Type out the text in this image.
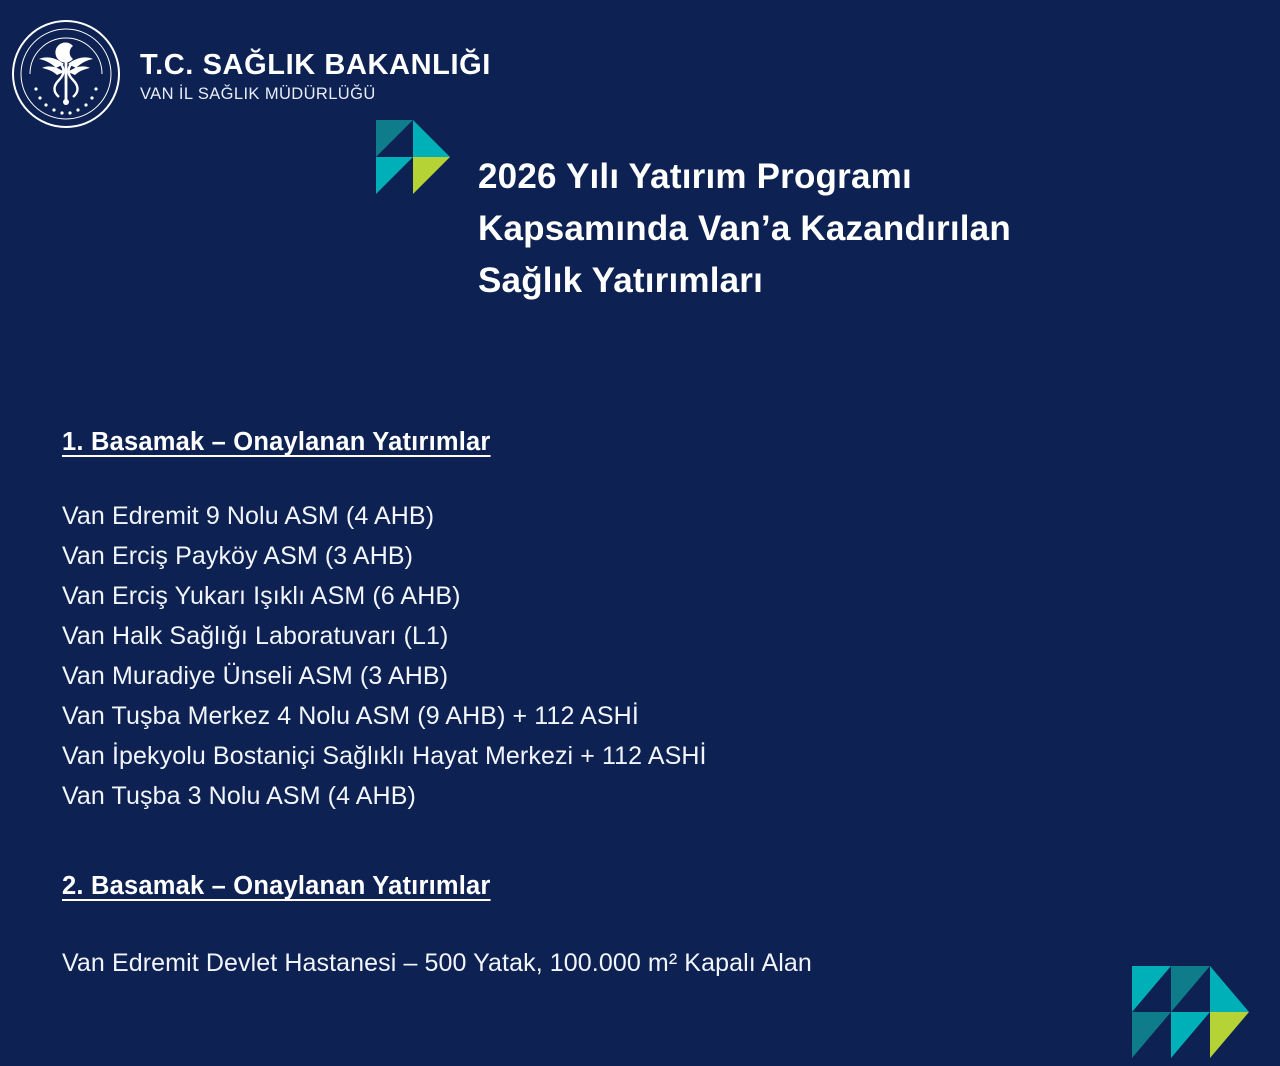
T.C. SAĞLIK BAKANLIĞI
VAN İL SAĞLIK MÜDÜRLÜĞÜ
2026 Yılı Yatırım Programı Kapsamında Van’a Kazandırılan Sağlık Yatırımları
1. Basamak – Onaylanan Yatırımlar
Van Edremit 9 Nolu ASM (4 AHB)
Van Erciş Payköy ASM (3 AHB)
Van Erciş Yukarı Işıklı ASM (6 AHB)
Van Halk Sağlığı Laboratuvarı (L1)
Van Muradiye Ünseli ASM (3 AHB)
Van Tuşba Merkez 4 Nolu ASM (9 AHB) + 112 ASHİ
Van İpekyolu Bostaniçi Sağlıklı Hayat Merkezi + 112 ASHİ
Van Tuşba 3 Nolu ASM (4 AHB)
2. Basamak – Onaylanan Yatırımlar
Van Edremit Devlet Hastanesi – 500 Yatak, 100.000 m² Kapalı Alan
